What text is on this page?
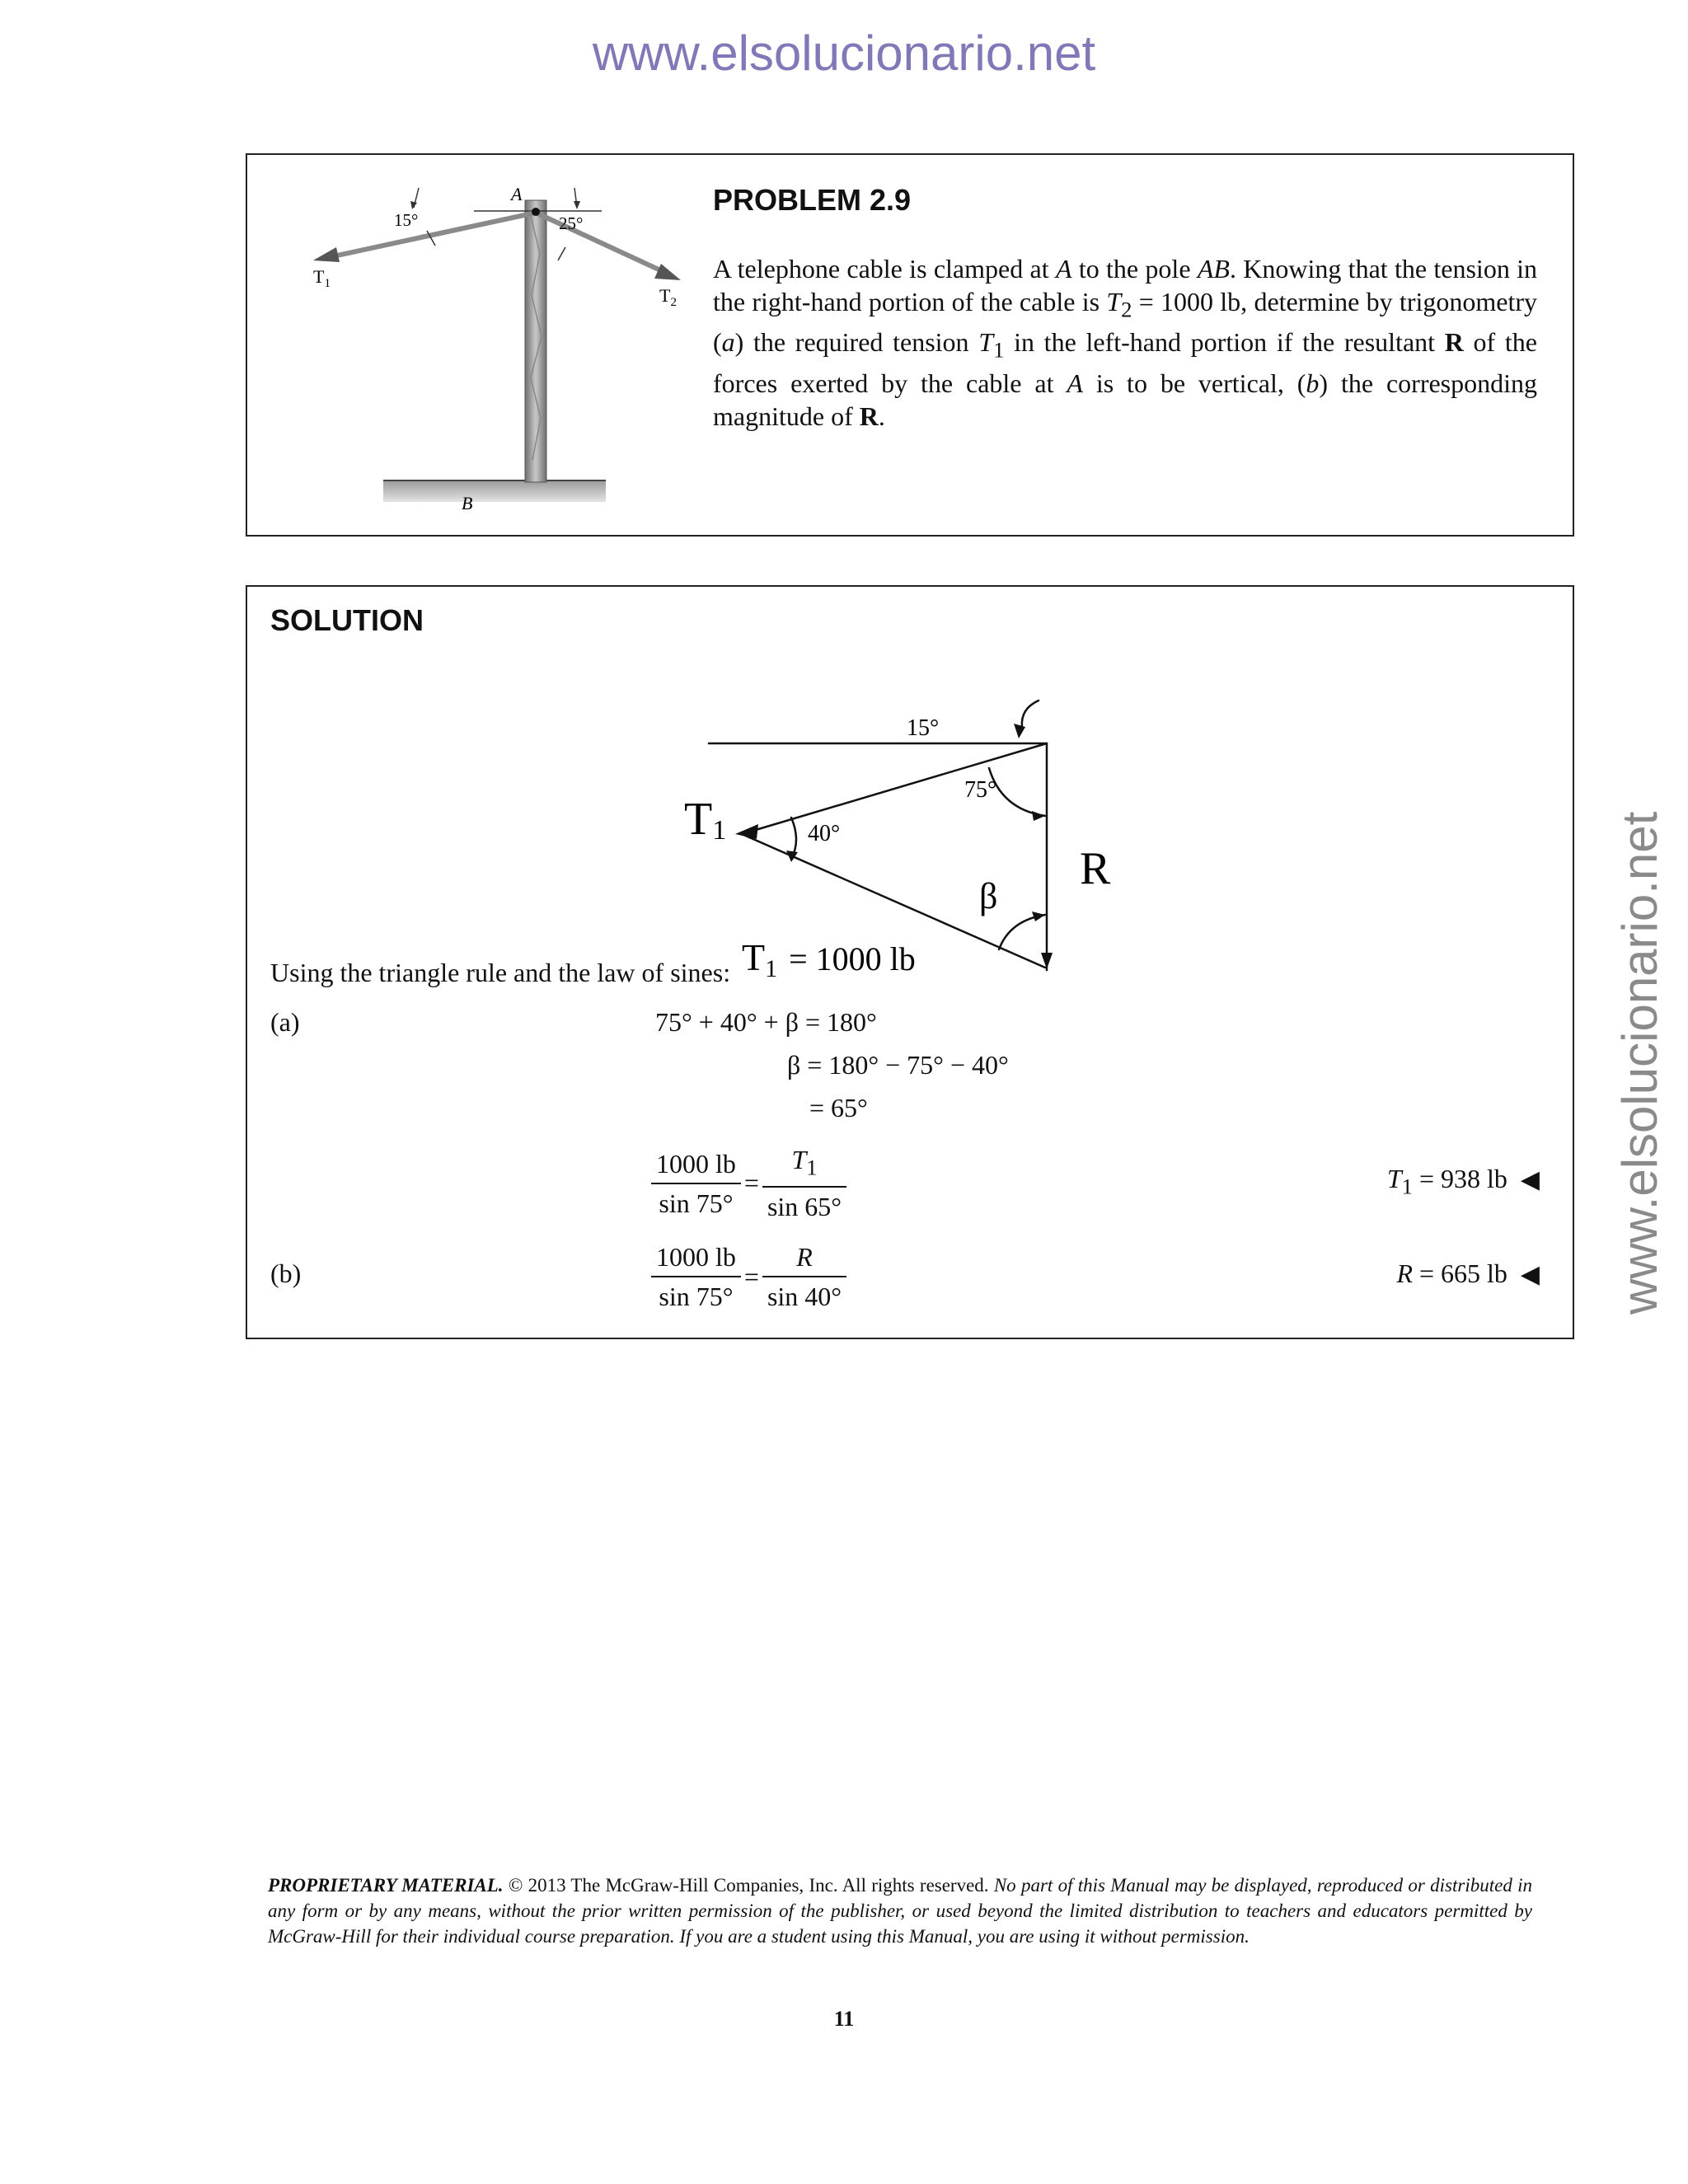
www.elsolucionario.net
www.elsolucionario.net
A
15°	25°
$T_1$
$T_2$
B
PROBLEM 2.9
A telephone cable is clamped at A to the pole AB. Knowing that the tension in the right-hand portion of the cable is $T_2 = 1000$ lb, determine by trigonometry (a) the required tension $T_1$ in the left-hand portion if the resultant R of the forces exerted by the cable at A is to be vertical, (b) the corresponding magnitude of R.
SOLUTION
T1
15°
75°
40°
β
R
T1 = 1000 lb
Using the triangle rule and the law of sines:
(a)	75° + 40° + β = 180°
β = 180° − 75° − 40°
= 65°
$\frac{1000 lb}{\sin 75^\circ} = \frac{T_1}{\sin 65^\circ}$	$T_1 = 938$ lb ◀
(b)	$\frac{1000 lb}{\sin 75^\circ} = \frac{R}{\sin 40^\circ}$	R = 665 lb ◀
PROPRIETARY MATERIAL. © 2013 The McGraw-Hill Companies, Inc. All rights reserved. No part of this Manual may be displayed, reproduced or distributed in any form or by any means, without the prior written permission of the publisher, or used beyond the limited distribution to teachers and educators permitted by McGraw-Hill for their individual course preparation. If you are a student using this Manual, you are using it without permission.
11
